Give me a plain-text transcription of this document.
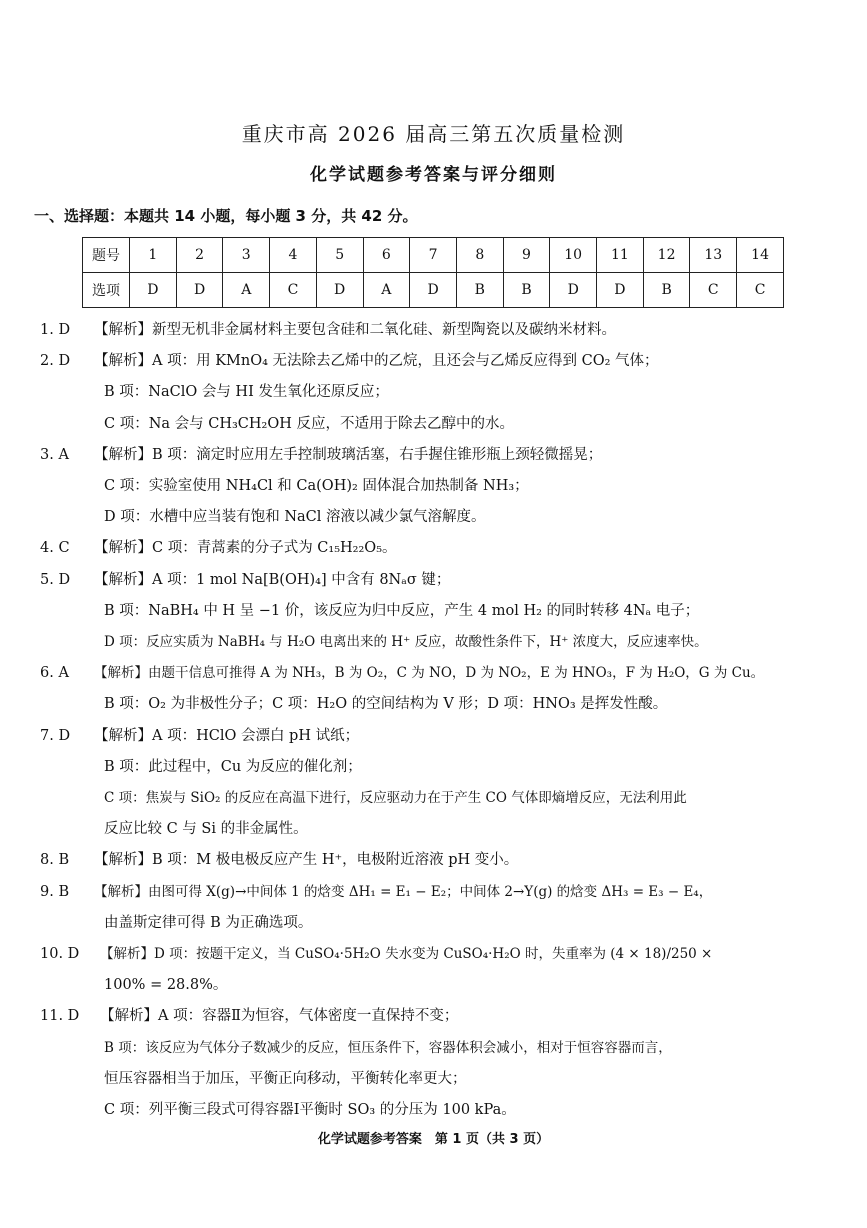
重庆市高 2026 届高三第五次质量检测
化学试题参考答案与评分细则
一、选择题：本题共 14 小题，每小题 3 分，共 42 分。
题号	1	2	3	4	5	6	7	8	9	10	11	12	13	14
选项	D	D	A	C	D	A	D	B	B	D	D	B	C	C
1. D 【解析】新型无机非金属材料主要包含硅和二氧化硅、新型陶瓷以及碳纳米材料。
2. D 【解析】A 项：用 KMnO₄ 无法除去乙烯中的乙烷，且还会与乙烯反应得到 CO₂ 气体；
B 项：NaClO 会与 HI 发生氧化还原反应；
C 项：Na 会与 CH₃CH₂OH 反应，不适用于除去乙醇中的水。
3. A 【解析】B 项：滴定时应用左手控制玻璃活塞，右手握住锥形瓶上颈轻微摇晃；
C 项：实验室使用 NH₄Cl 和 Ca(OH)₂ 固体混合加热制备 NH₃；
D 项：水槽中应当装有饱和 NaCl 溶液以减少氯气溶解度。
4. C 【解析】C 项：青蒿素的分子式为 C₁₅H₂₂O₅。
5. D 【解析】A 项：1 mol Na[B(OH)₄] 中含有 8Nₐσ 键；
B 项：NaBH₄ 中 H 呈 −1 价，该反应为归中反应，产生 4 mol H₂ 的同时转移 4Nₐ 电子；
D 项：反应实质为 NaBH₄ 与 H₂O 电离出来的 H⁺ 反应，故酸性条件下，H⁺ 浓度大，反应速率快。
6. A 【解析】由题干信息可推得 A 为 NH₃，B 为 O₂，C 为 NO，D 为 NO₂，E 为 HNO₃，F 为 H₂O，G 为 Cu。
B 项：O₂ 为非极性分子；C 项：H₂O 的空间结构为 V 形；D 项：HNO₃ 是挥发性酸。
7. D 【解析】A 项：HClO 会漂白 pH 试纸；
B 项：此过程中，Cu 为反应的催化剂；
C 项：焦炭与 SiO₂ 的反应在高温下进行，反应驱动力在于产生 CO 气体即熵增反应，无法利用此
反应比较 C 与 Si 的非金属性。
8. B 【解析】B 项：M 极电极反应产生 H⁺，电极附近溶液 pH 变小。
9. B 【解析】由图可得 X(g)→中间体 1 的焓变 ΔH₁ = E₁ − E₂；中间体 2→Y(g) 的焓变 ΔH₃ = E₃ − E₄，
由盖斯定律可得 B 为正确选项。
10. D 【解析】D 项：按题干定义，当 CuSO₄·5H₂O 失水变为 CuSO₄·H₂O 时，失重率为 (4 × 18)/250 ×
100% = 28.8%。
11. D 【解析】A 项：容器Ⅱ为恒容，气体密度一直保持不变；
B 项：该反应为气体分子数减少的反应，恒压条件下，容器体积会减小，相对于恒容容器而言，
恒压容器相当于加压，平衡正向移动，平衡转化率更大；
化学试题参考答案　第 1 页（共 3 页）
C 项：列平衡三段式可得容器Ⅰ平衡时 SO₃ 的分压为 100 kPa。
